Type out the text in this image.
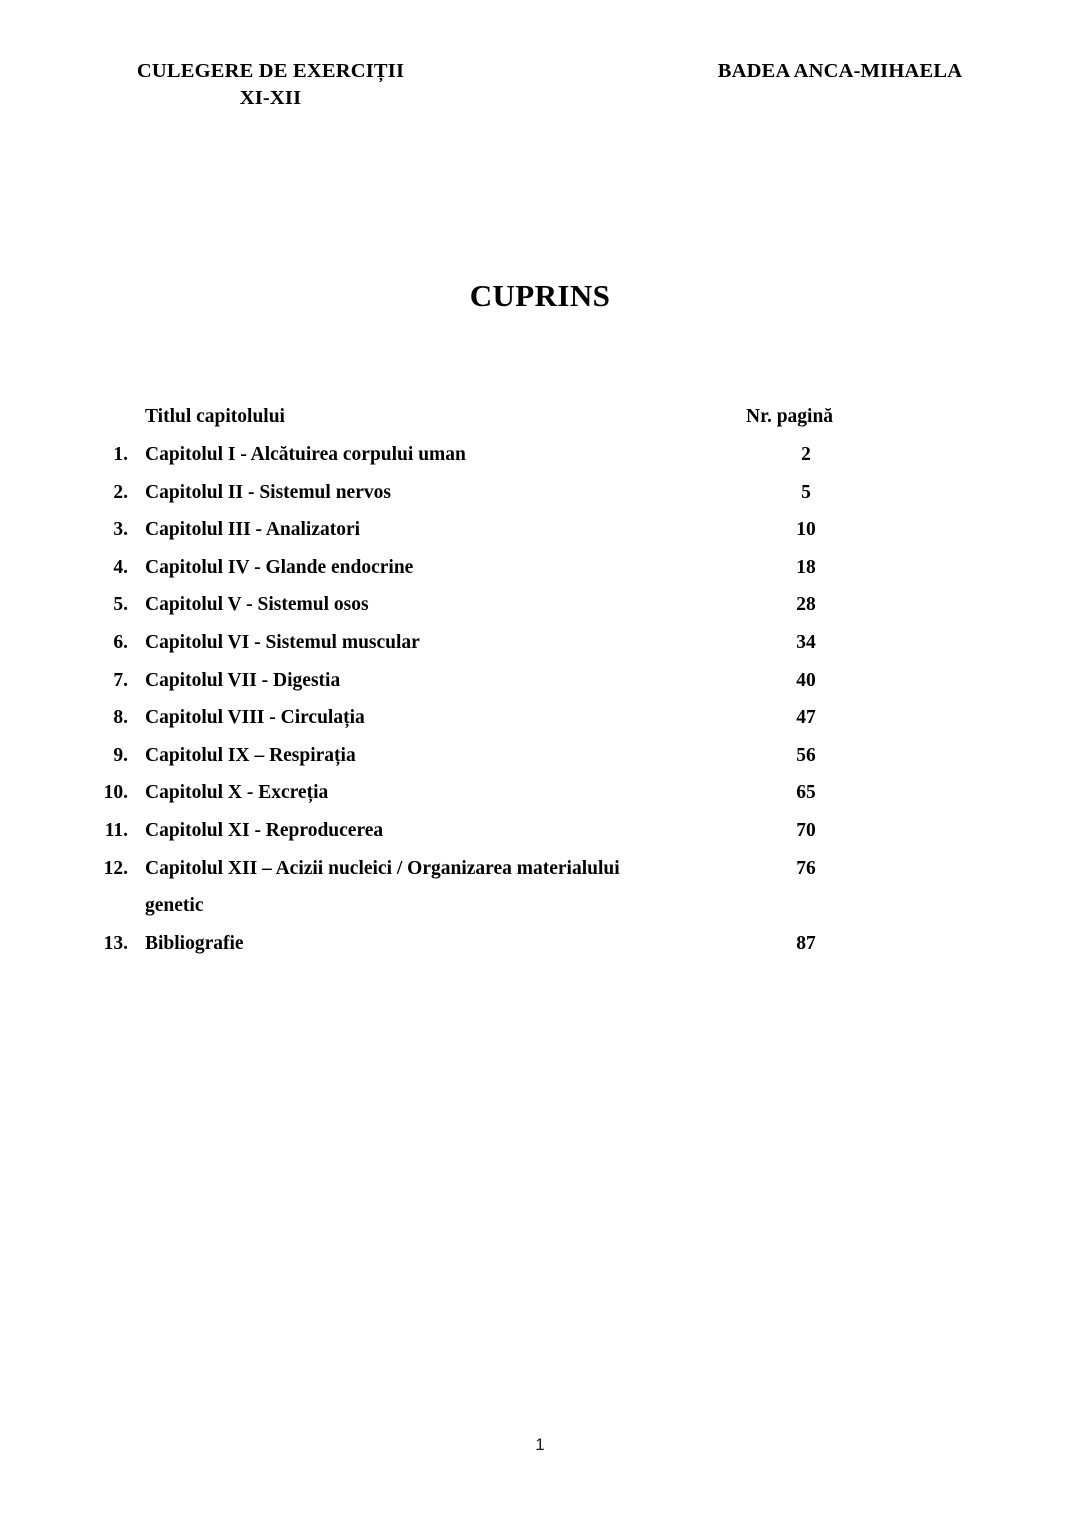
CULEGERE DE EXERCIȚII
XI-XII
BADEA ANCA-MIHAELA
CUPRINS
Titlul capitolului	Nr. pagină
1. Capitolul I - Alcătuirea corpului uman	2
2. Capitolul II - Sistemul nervos	5
3. Capitolul III - Analizatori	10
4. Capitolul IV - Glande endocrine	18
5. Capitolul V - Sistemul osos	28
6. Capitolul VI - Sistemul muscular	34
7. Capitolul VII - Digestia	40
8. Capitolul VIII - Circulația	47
9. Capitolul IX – Respirația	56
10. Capitolul X - Excreția	65
11. Capitolul XI - Reproducerea	70
12. Capitolul XII – Acizii nucleici / Organizarea materialului	76
genetic
13. Bibliografie	87
1
